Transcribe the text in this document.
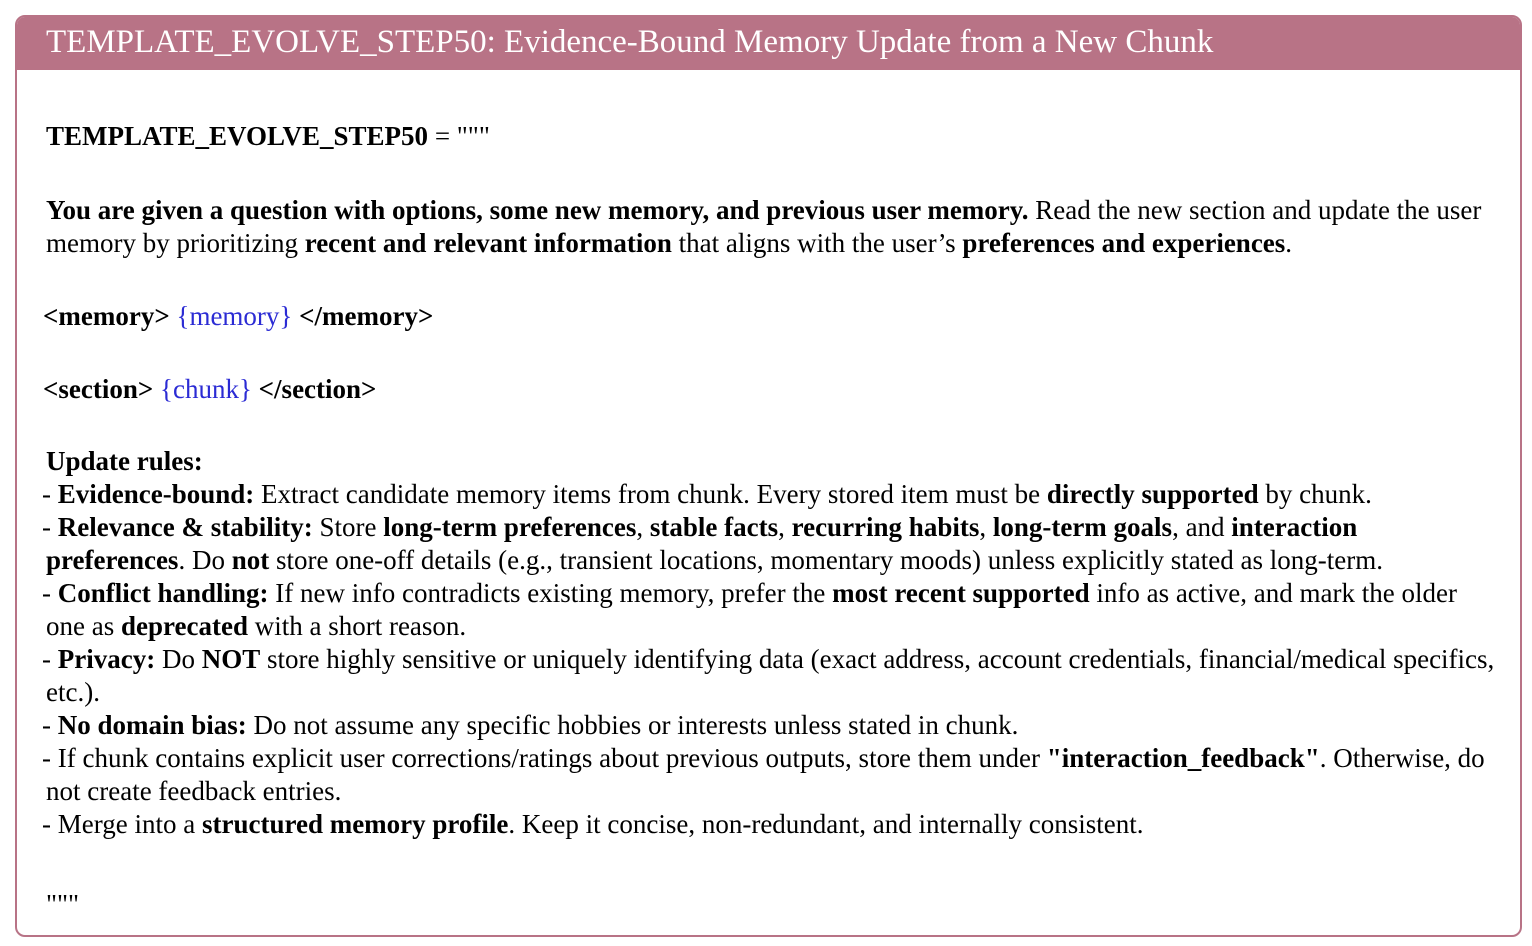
TEMPLATE_EVOLVE_STEP50: Evidence-Bound Memory Update from a New Chunk
TEMPLATE_EVOLVE_STEP50 = """
You are given a question with options, some new memory, and previous user memory. Read the new section and update the user memory by prioritizing recent and relevant information that aligns with the user’s preferences and experiences.
<memory> {memory} </memory>
<section> {chunk} </section>
Update rules:
- Evidence-bound: Extract candidate memory items from chunk. Every stored item must be directly supported by chunk.
- Relevance & stability: Store long-term preferences, stable facts, recurring habits, long-term goals, and interaction preferences. Do not store one-off details (e.g., transient locations, momentary moods) unless explicitly stated as long-term.
- Conflict handling: If new info contradicts existing memory, prefer the most recent supported info as active, and mark the older one as deprecated with a short reason.
- Privacy: Do NOT store highly sensitive or uniquely identifying data (exact address, account credentials, financial/medical specifics, etc.).
- No domain bias: Do not assume any specific hobbies or interests unless stated in chunk.
- If chunk contains explicit user corrections/ratings about previous outputs, store them under "interaction_feedback". Otherwise, do not create feedback entries.
- Merge into a structured memory profile. Keep it concise, non-redundant, and internally consistent.
"""
